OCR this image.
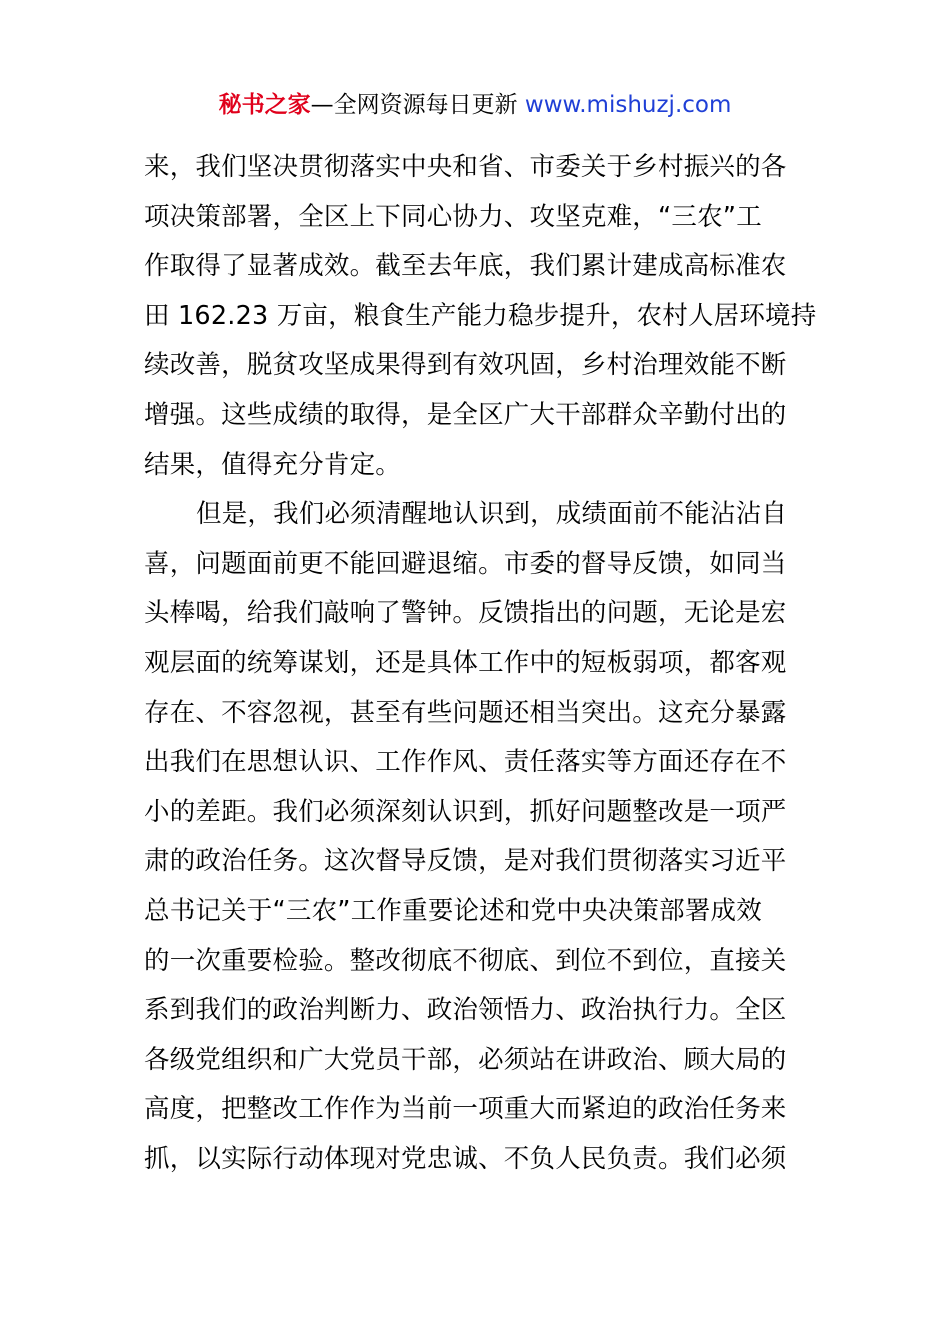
秘书之家—全网资源每日更新 www.mishuzj.com
来，我们坚决贯彻落实中央和省、市委关于乡村振兴的各
项决策部署，全区上下同心协力、攻坚克难，“三农”工
作取得了显著成效。截至去年底，我们累计建成高标准农
田 162.23 万亩，粮食生产能力稳步提升，农村人居环境持
续改善，脱贫攻坚成果得到有效巩固，乡村治理效能不断
增强。这些成绩的取得，是全区广大干部群众辛勤付出的
结果，值得充分肯定。
但是，我们必须清醒地认识到，成绩面前不能沾沾自
喜，问题面前更不能回避退缩。市委的督导反馈，如同当
头棒喝，给我们敲响了警钟。反馈指出的问题，无论是宏
观层面的统筹谋划，还是具体工作中的短板弱项，都客观
存在、不容忽视，甚至有些问题还相当突出。这充分暴露
出我们在思想认识、工作作风、责任落实等方面还存在不
小的差距。我们必须深刻认识到，抓好问题整改是一项严
肃的政治任务。这次督导反馈，是对我们贯彻落实习近平
总书记关于“三农”工作重要论述和党中央决策部署成效
的一次重要检验。整改彻底不彻底、到位不到位，直接关
系到我们的政治判断力、政治领悟力、政治执行力。全区
各级党组织和广大党员干部，必须站在讲政治、顾大局的
高度，把整改工作作为当前一项重大而紧迫的政治任务来
抓，以实际行动体现对党忠诚、不负人民负责。我们必须
